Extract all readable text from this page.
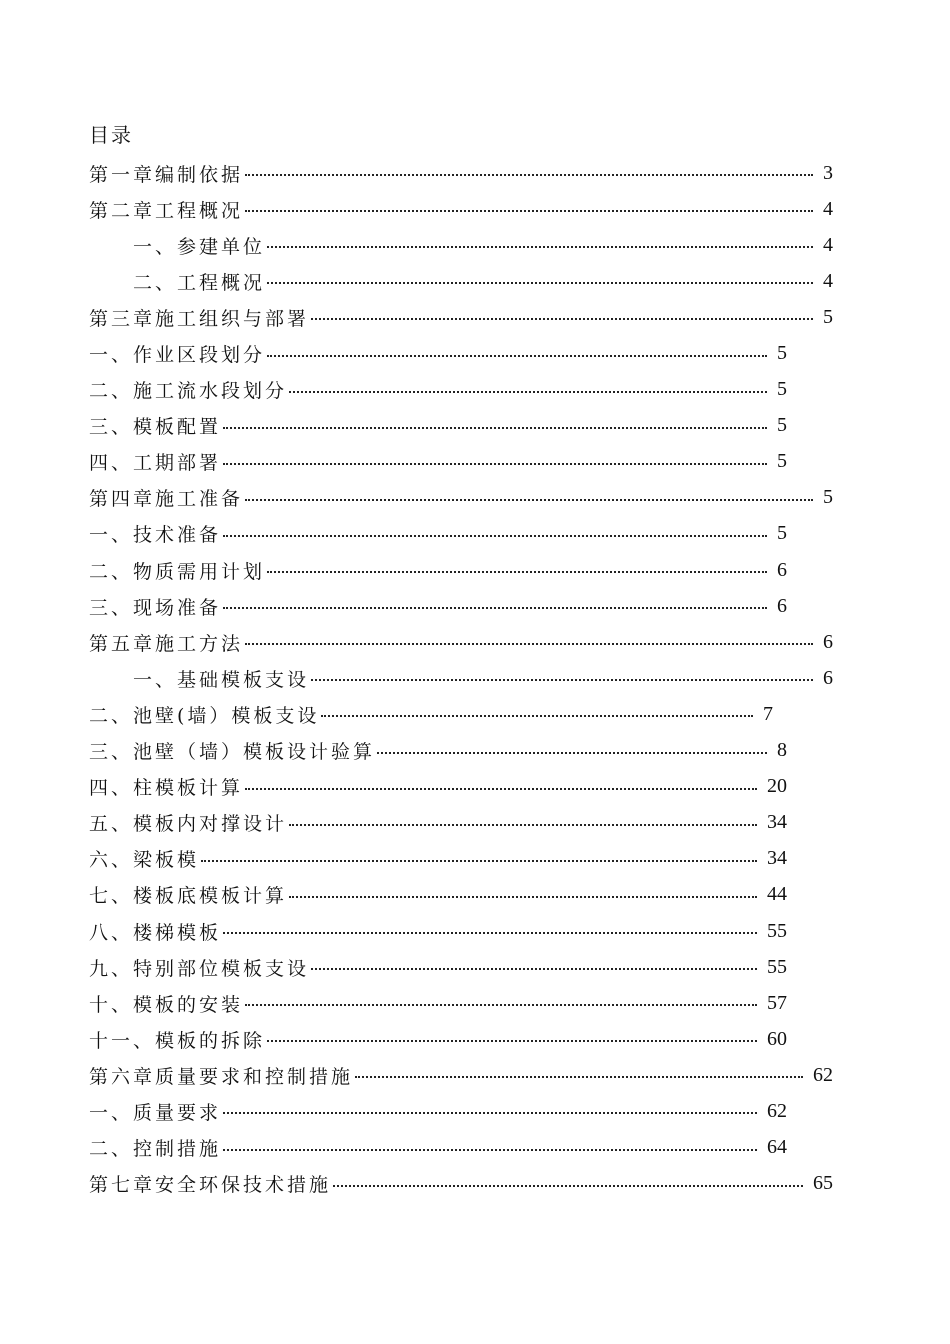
目录
第一章编制依据	3
第二章工程概况	4
一、参建单位	4
二、工程概况	4
第三章施工组织与部署	5
一、作业区段划分	5
二、施工流水段划分	5
三、模板配置	5
四、工期部署	5
第四章施工准备	5
一、技术准备	5
二、物质需用计划	6
三、现场准备	6
第五章施工方法	6
一、基础模板支设	6
二、池壁(墙）模板支设	7
三、池壁（墙）模板设计验算	8
四、柱模板计算	20
五、模板内对撑设计	34
六、梁板模	34
七、楼板底模板计算	44
八、楼梯模板	55
九、特别部位模板支设	55
十、模板的安装	57
十一、模板的拆除	60
第六章质量要求和控制措施	62
一、质量要求	62
二、控制措施	64
第七章安全环保技术措施	65
